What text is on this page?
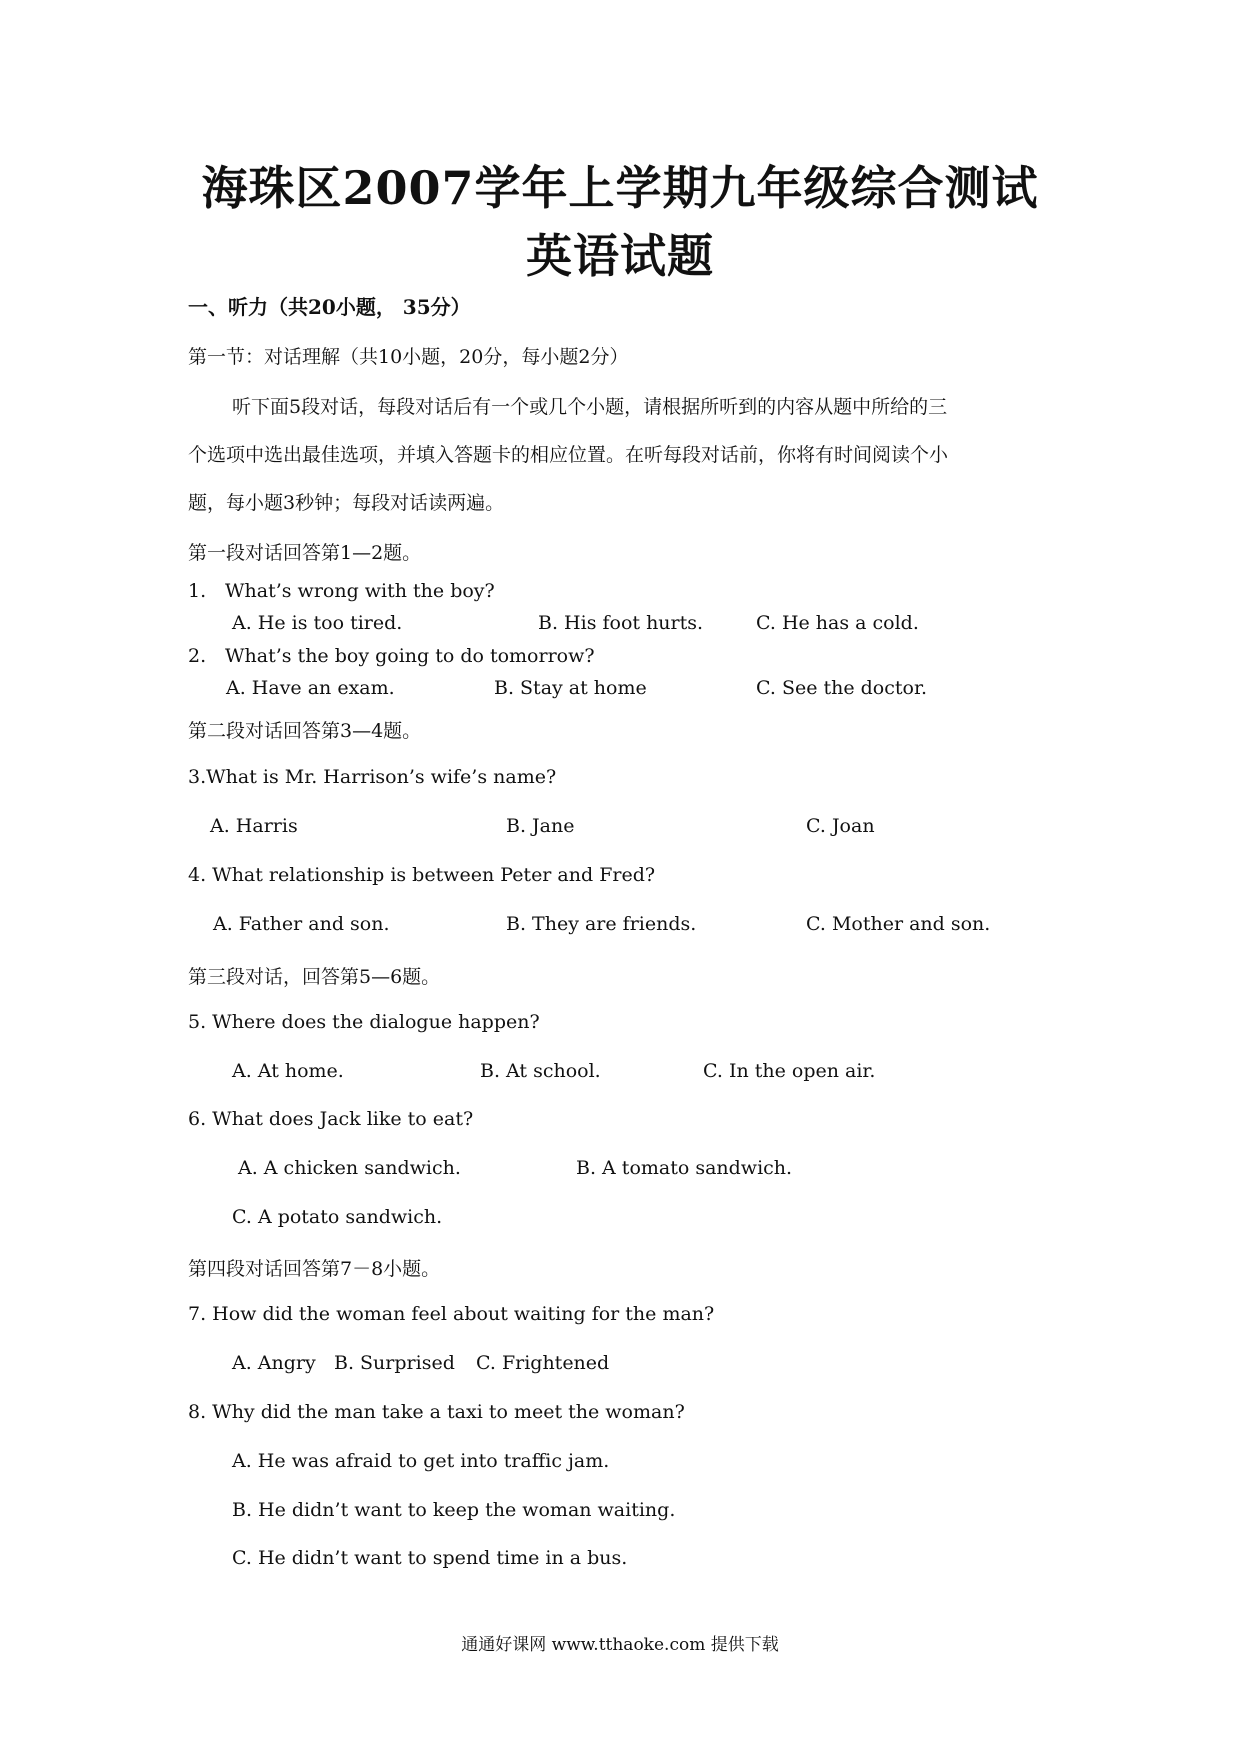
海珠区2007学年上学期九年级综合测试
英语试题
一、听力（共20小题， 35分）
第一节：对话理解（共10小题，20分，每小题2分）
听下面5段对话，每段对话后有一个或几个小题，请根据所听到的内容从题中所给的三
个选项中选出最佳选项，并填入答题卡的相应位置。在听每段对话前，你将有时间阅读个小
题，每小题3秒钟；每段对话读两遍。
第一段对话回答第1—2题。
1. What’s wrong with the boy?
A. He is too tired.	B. His foot hurts.	C. He has a cold.
2. What’s the boy going to do tomorrow?
A. Have an exam.	B. Stay at home	C. See the doctor.
第二段对话回答第3—4题。
3.What is Mr. Harrison’s wife’s name?
A. Harris	B. Jane	C. Joan
4. What relationship is between Peter and Fred?
A. Father and son.	B. They are friends.	C. Mother and son.
第三段对话，回答第5—6题。
5. Where does the dialogue happen?
A. At home.	B. At school.	C. In the open air.
6. What does Jack like to eat?
A. A chicken sandwich.	B. A tomato sandwich.
C. A potato sandwich.
第四段对话回答第7－8小题。
7. How did the woman feel about waiting for the man?
A. Angry B. Surprised C. Frightened
8. Why did the man take a taxi to meet the woman?
A. He was afraid to get into traffic jam.
B. He didn’t want to keep the woman waiting.
C. He didn’t want to spend time in a bus.
通通好课网 www.tthaoke.com 提供下载
